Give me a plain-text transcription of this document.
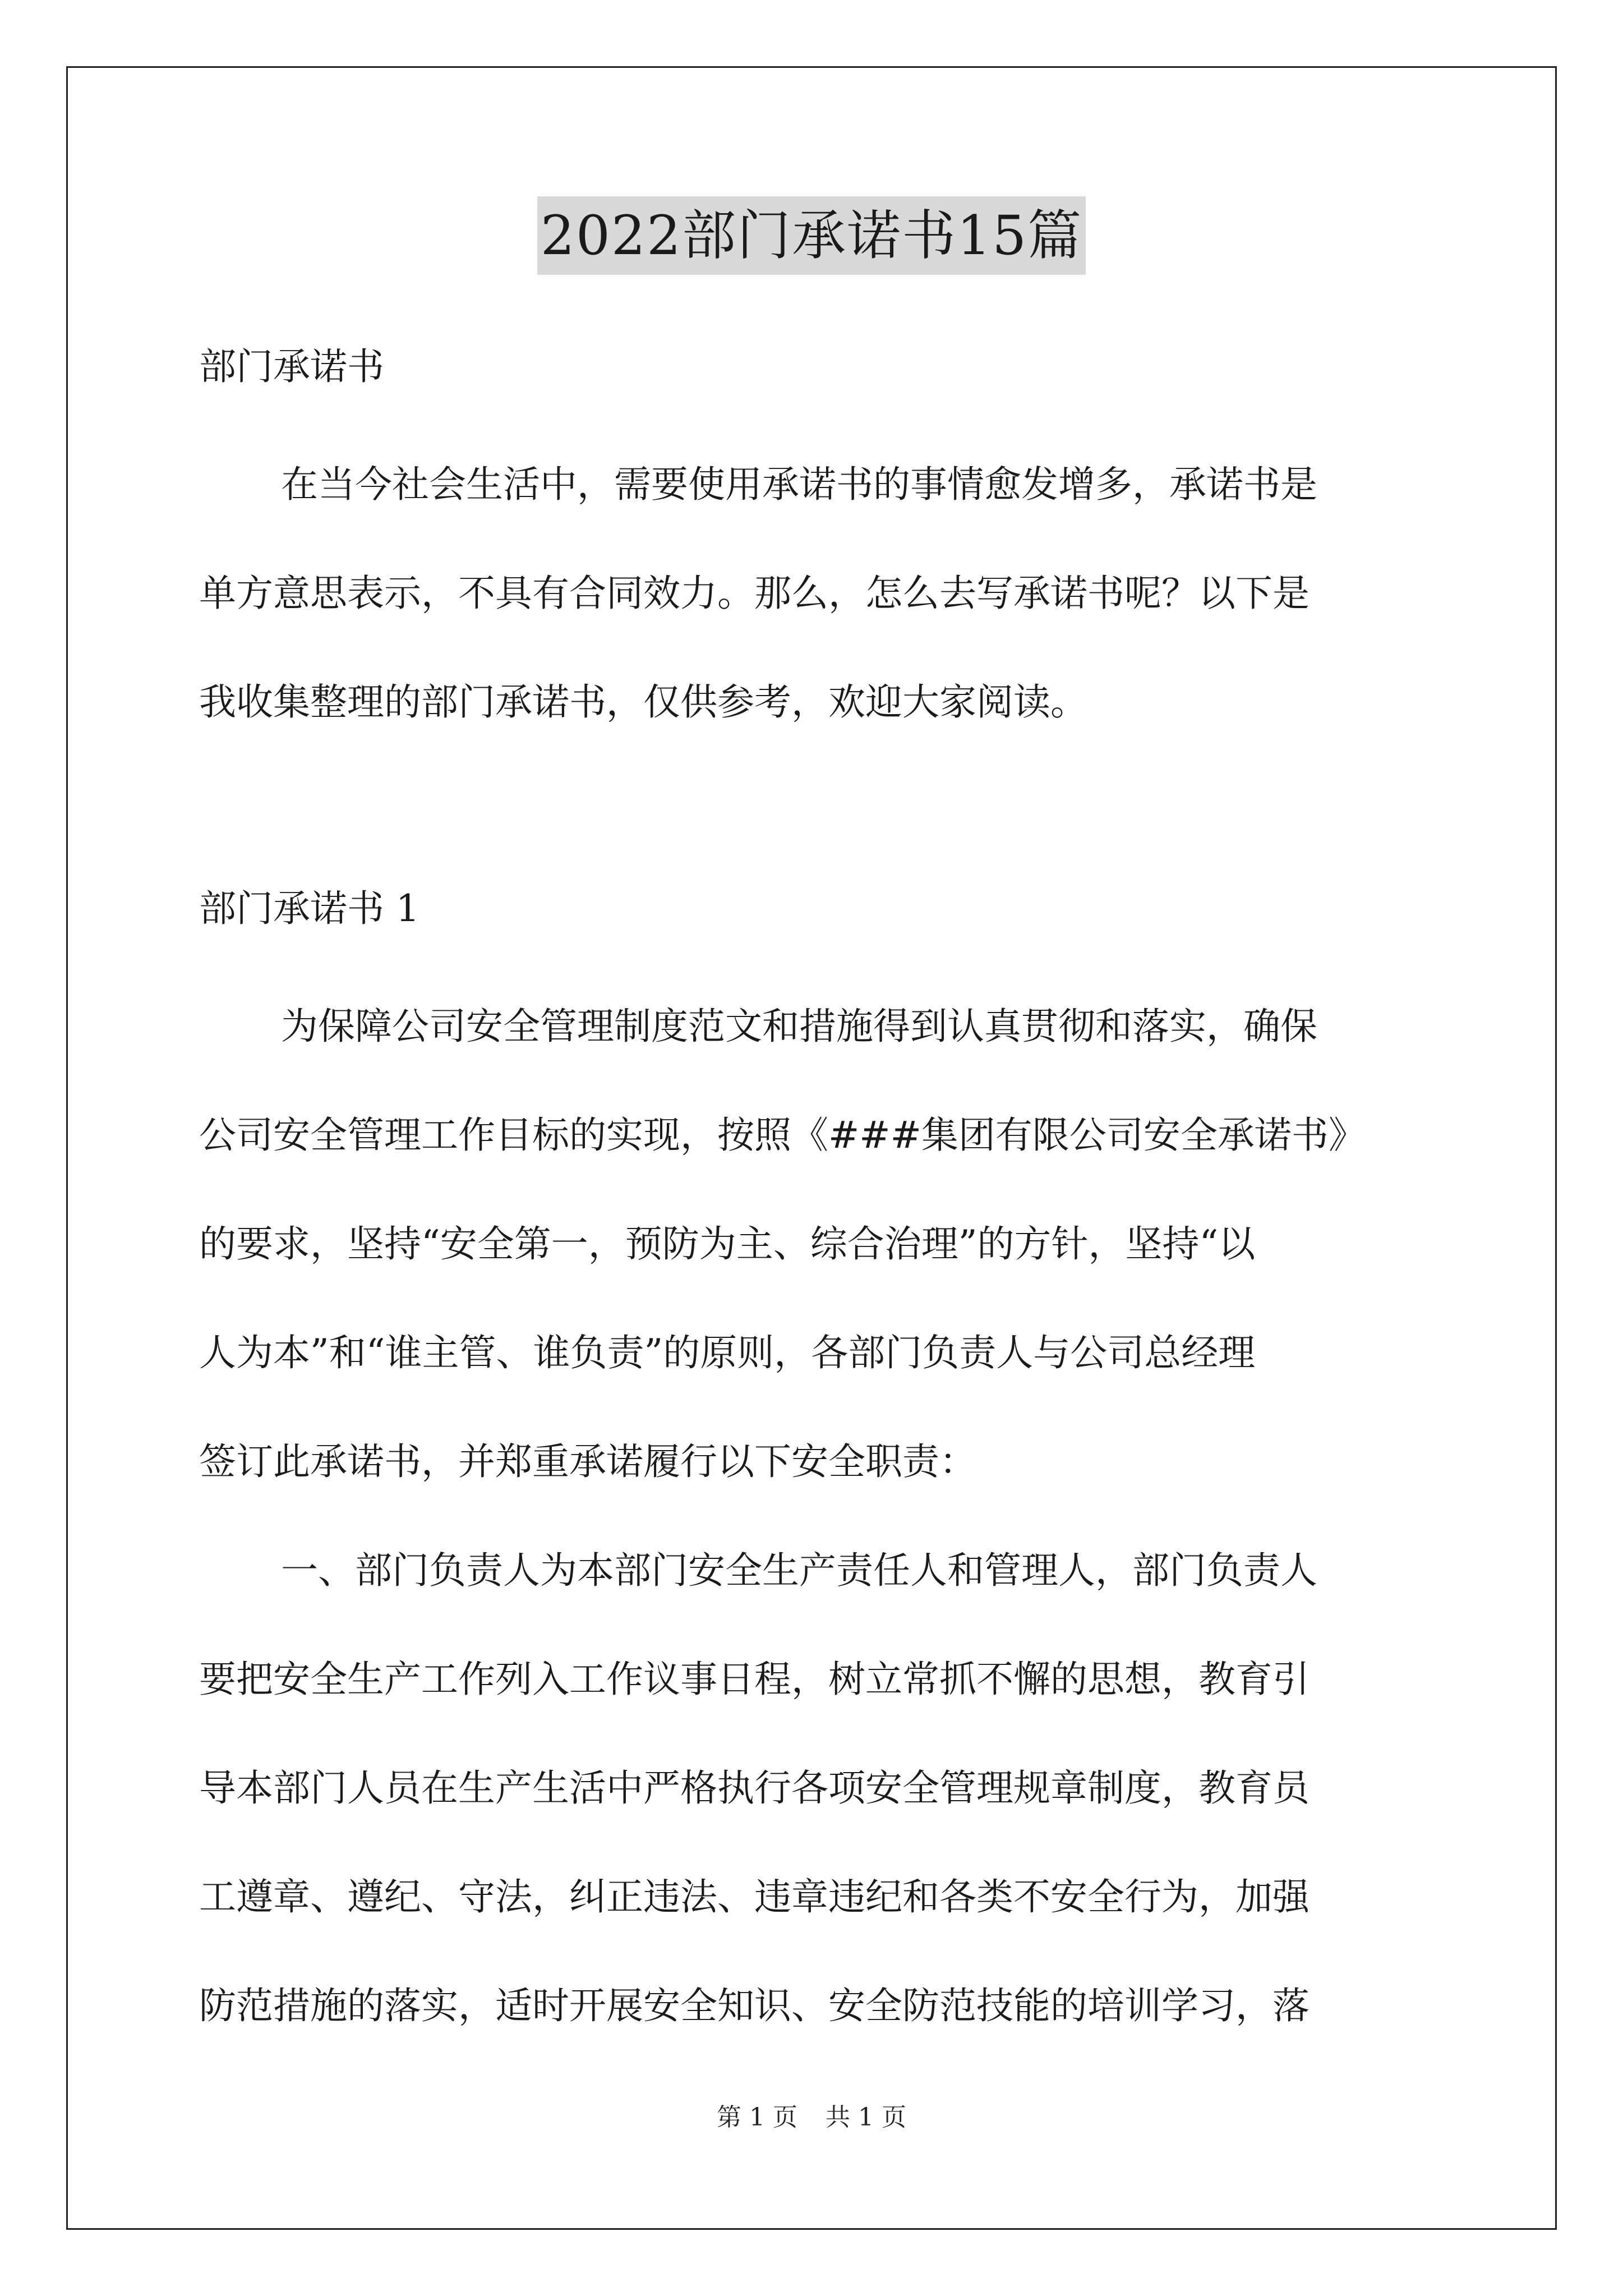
2022部门承诺书15篇
部门承诺书
在当今社会生活中，需要使用承诺书的事情愈发增多，承诺书是
单方意思表示，不具有合同效力。那么，怎么去写承诺书呢？以下是
我收集整理的部门承诺书，仅供参考，欢迎大家阅读。
部门承诺书 1
为保障公司安全管理制度范文和措施得到认真贯彻和落实，确保
公司安全管理工作目标的实现，按照《###集团有限公司安全承诺书》
的要求，坚持“安全第一，预防为主、综合治理”的方针，坚持“以
人为本”和“谁主管、谁负责”的原则，各部门负责人与公司总经理
签订此承诺书，并郑重承诺履行以下安全职责：
一、部门负责人为本部门安全生产责任人和管理人，部门负责人
要把安全生产工作列入工作议事日程，树立常抓不懈的思想，教育引
导本部门人员在生产生活中严格执行各项安全管理规章制度，教育员
工遵章、遵纪、守法，纠正违法、违章违纪和各类不安全行为，加强
防范措施的落实，适时开展安全知识、安全防范技能的培训学习，落
第 1 页 共 1 页
